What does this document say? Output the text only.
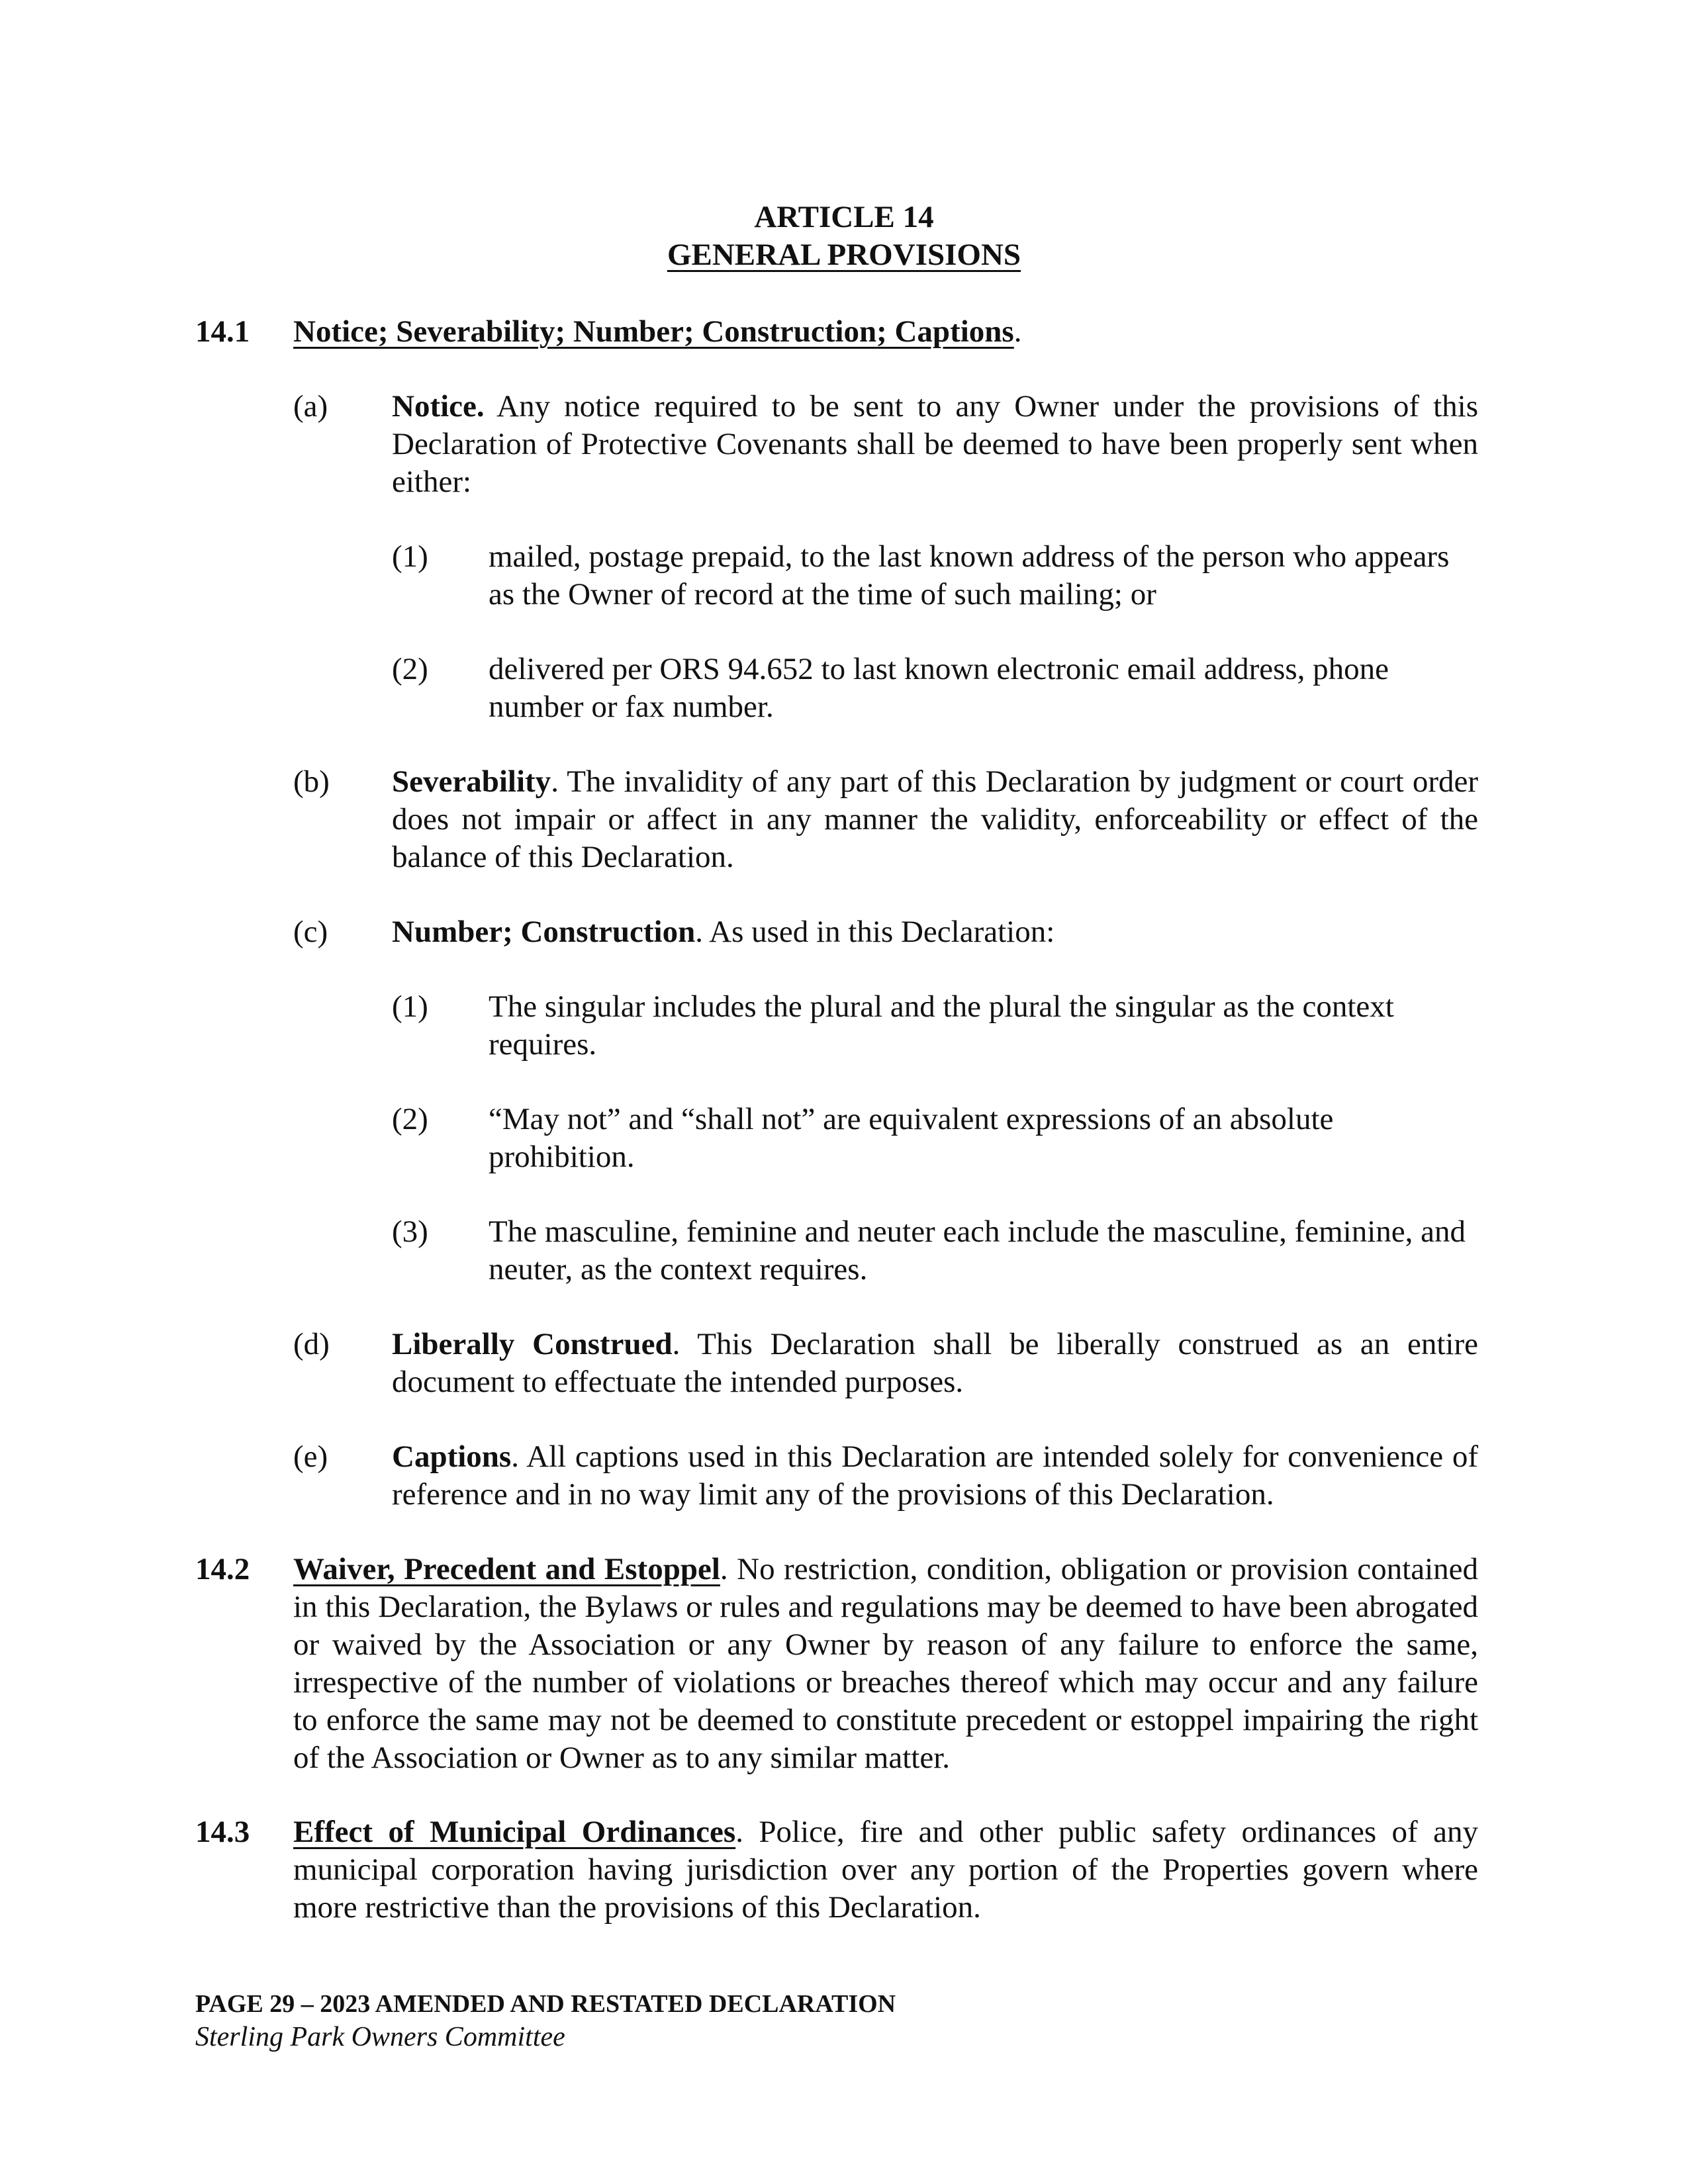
ARTICLE 14
GENERAL PROVISIONS
14.1 Notice; Severability; Number; Construction; Captions.
(a) Notice. Any notice required to be sent to any Owner under the provisions of this Declaration of Protective Covenants shall be deemed to have been properly sent when either:
(1) mailed, postage prepaid, to the last known address of the person who appears as the Owner of record at the time of such mailing; or
(2) delivered per ORS 94.652 to last known electronic email address, phone number or fax number.
(b) Severability. The invalidity of any part of this Declaration by judgment or court order does not impair or affect in any manner the validity, enforceability or effect of the balance of this Declaration.
(c) Number; Construction. As used in this Declaration:
(1) The singular includes the plural and the plural the singular as the context requires.
(2) “May not” and “shall not” are equivalent expressions of an absolute prohibition.
(3) The masculine, feminine and neuter each include the masculine, feminine, and neuter, as the context requires.
(d) Liberally Construed. This Declaration shall be liberally construed as an entire document to effectuate the intended purposes.
(e) Captions. All captions used in this Declaration are intended solely for convenience of reference and in no way limit any of the provisions of this Declaration.
14.2 Waiver, Precedent and Estoppel. No restriction, condition, obligation or provision contained in this Declaration, the Bylaws or rules and regulations may be deemed to have been abrogated or waived by the Association or any Owner by reason of any failure to enforce the same, irrespective of the number of violations or breaches thereof which may occur and any failure to enforce the same may not be deemed to constitute precedent or estoppel impairing the right of the Association or Owner as to any similar matter.
14.3 Effect of Municipal Ordinances. Police, fire and other public safety ordinances of any municipal corporation having jurisdiction over any portion of the Properties govern where more restrictive than the provisions of this Declaration.
PAGE 29 – 2023 AMENDED AND RESTATED DECLARATION
Sterling Park Owners Committee
